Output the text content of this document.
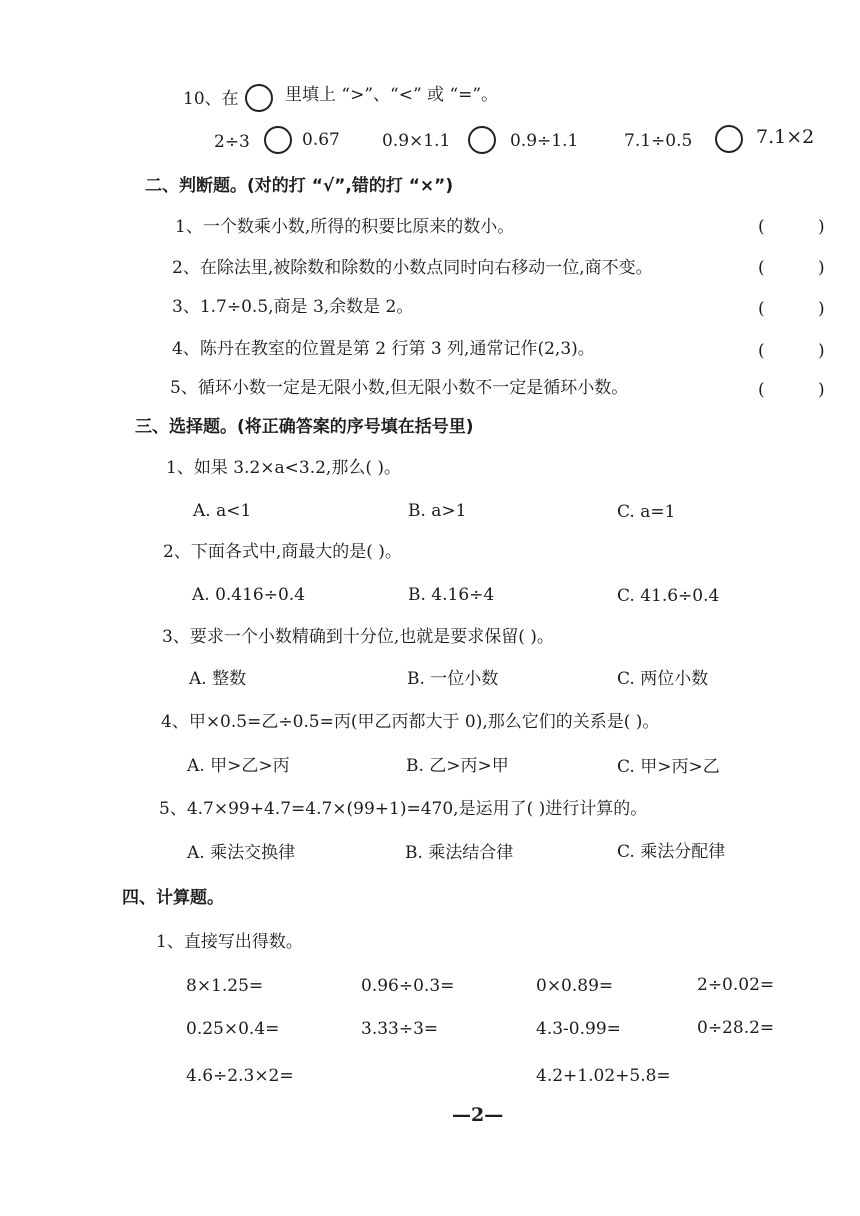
10、在	里填上 “>”、“<” 或 “=”。
2÷3	0.67 0.9×1.1	0.9÷1.1	7.1÷0.5	7.1×2
二、判断题。(对的打 “√”,错的打 “×”)
1、一个数乘小数,所得的积要比原来的数小。	(	)
2、在除法里,被除数和除数的小数点同时向右移动一位,商不变。	(	)
3、1.7÷0.5,商是 3,余数是 2。	(	)
4、陈丹在教室的位置是第 2 行第 3 列,通常记作(2,3)。	(	)
5、循环小数一定是无限小数,但无限小数不一定是循环小数。	(	)
三、选择题。(将正确答案的序号填在括号里)
1、如果 3.2×a<3.2,那么( )。
A. a<1	B. a>1	C. a=1
2、下面各式中,商最大的是( )。
A. 0.416÷0.4	B. 4.16÷4	C. 41.6÷0.4
3、要求一个小数精确到十分位,也就是要求保留( )。
A. 整数	B. 一位小数	C. 两位小数
4、甲×0.5=乙÷0.5=丙(甲乙丙都大于 0),那么它们的关系是( )。
A. 甲>乙>丙	B. 乙>丙>甲	C. 甲>丙>乙
5、4.7×99+4.7=4.7×(99+1)=470,是运用了( )进行计算的。
A. 乘法交换律	B. 乘法结合律	C. 乘法分配律
四、计算题。
1、直接写出得数。
8×1.25=	0.96÷0.3=	0×0.89=	2÷0.02=
0.25×0.4=	3.33÷3=	4.3-0.99=	0÷28.2=
4.6÷2.3×2=	4.2+1.02+5.8=
—2—
